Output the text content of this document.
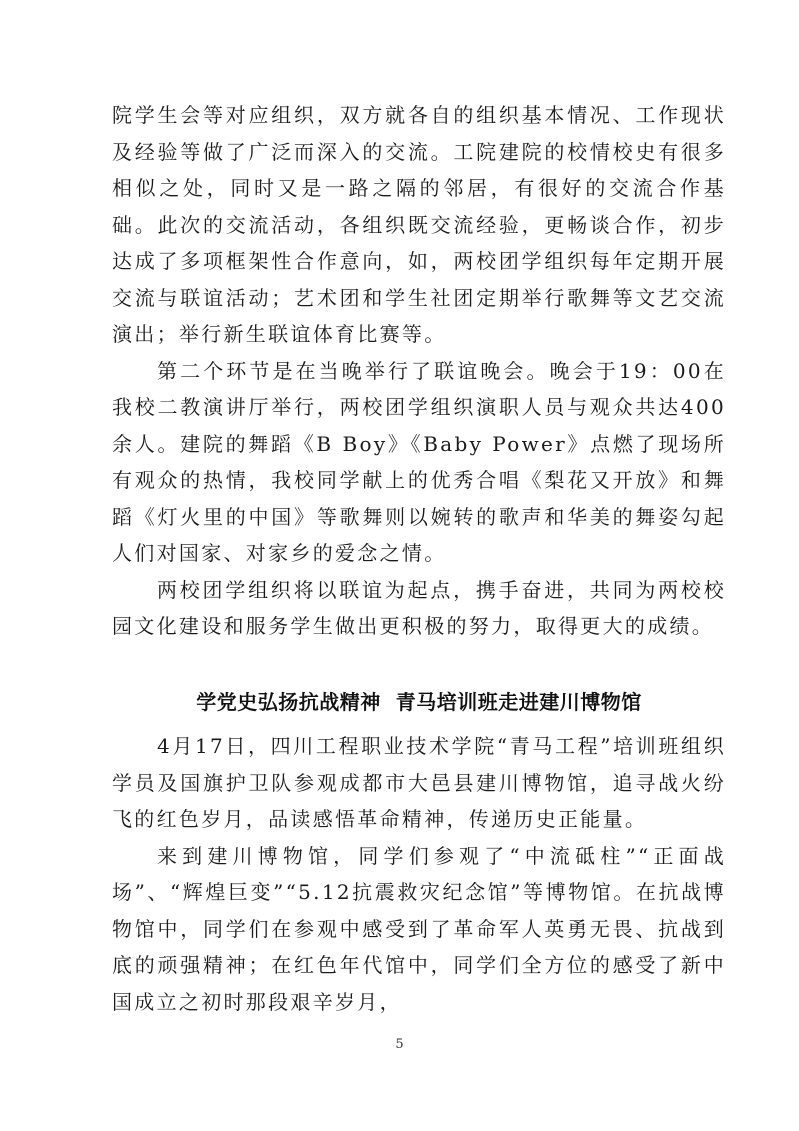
院学生会等对应组织，双方就各自的组织基本情况、工作现状及经验等做了广泛而深入的交流。工院建院的校情校史有很多相似之处，同时又是一路之隔的邻居，有很好的交流合作基础。此次的交流活动，各组织既交流经验，更畅谈合作，初步达成了多项框架性合作意向，如，两校团学组织每年定期开展交流与联谊活动；艺术团和学生社团定期举行歌舞等文艺交流演出；举行新生联谊体育比赛等。

第二个环节是在当晚举行了联谊晚会。晚会于19：00在我校二教演讲厅举行，两校团学组织演职人员与观众共达400余人。建院的舞蹈《B Boy》《Baby Power》点燃了现场所有观众的热情，我校同学献上的优秀合唱《梨花又开放》和舞蹈《灯火里的中国》等歌舞则以婉转的歌声和华美的舞姿勾起人们对国家、对家乡的爱念之情。

两校团学组织将以联谊为起点，携手奋进，共同为两校校园文化建设和服务学生做出更积极的努力，取得更大的成绩。

学党史弘扬抗战精神  青马培训班走进建川博物馆

4月17日，四川工程职业技术学院“青马工程”培训班组织学员及国旗护卫队参观成都市大邑县建川博物馆，追寻战火纷飞的红色岁月，品读感悟革命精神，传递历史正能量。

来到建川博物馆，同学们参观了“中流砥柱”“正面战场”、“辉煌巨变”“5.12抗震救灾纪念馆”等博物馆。在抗战博物馆中，同学们在参观中感受到了革命军人英勇无畏、抗战到底的顽强精神；在红色年代馆中，同学们全方位的感受了新中国成立之初时那段艰辛岁月，

5
